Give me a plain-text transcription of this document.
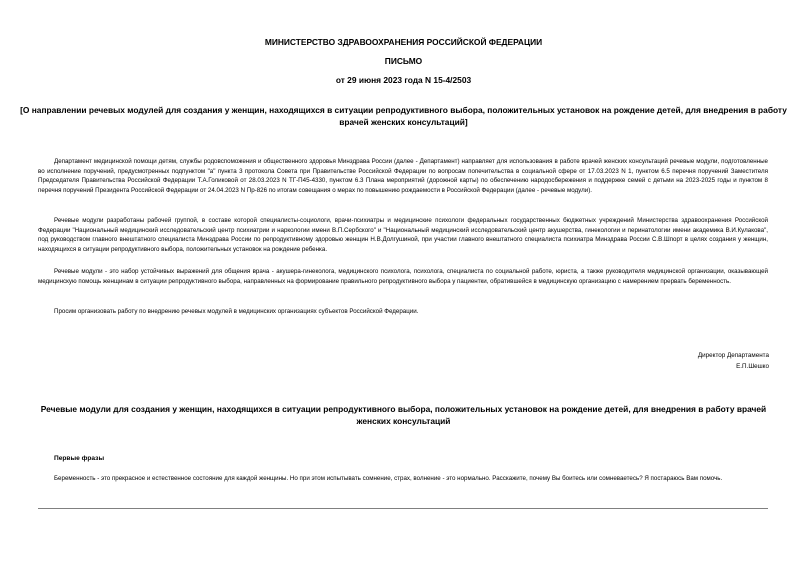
МИНИСТЕРСТВО ЗДРАВООХРАНЕНИЯ РОССИЙСКОЙ ФЕДЕРАЦИИ
ПИСЬМО
от 29 июня 2023 года N 15-4/2503
[О направлении речевых модулей для создания у женщин, находящихся в ситуации репродуктивного выбора, положительных установок на рождение детей, для внедрения в работу врачей женских консультаций]
Департамент медицинской помощи детям, службы родовспоможения и общественного здоровья Минздрава России (далее - Департамент) направляет для использования в работе врачей женских консультаций речевые модули, подготовленные во исполнение поручений, предусмотренных подпунктом "а" пункта 3 протокола Совета при Правительстве Российской Федерации по вопросам попечительства в социальной сфере от 17.03.2023 N 1, пунктом 6.5 перечня поручений Заместителя Председателя Правительства Российской Федерации Т.А.Голиковой от 28.03.2023 N ТГ-П45-4330, пунктом 6.3 Плана мероприятий (дорожной карты) по обеспечению народосбережения и поддержке семей с детьми на 2023-2025 годы и пунктом 8 перечня поручений Президента Российской Федерации от 24.04.2023 N Пр-826 по итогам совещания о мерах по повышению рождаемости в Российской Федерации (далее - речевые модули).
Речевые модули разработаны рабочей группой, в составе которой специалисты-социологи, врачи-психиатры и медицинские психологи федеральных государственных бюджетных учреждений Министерства здравоохранения Российской Федерации "Национальный медицинский исследовательский центр психиатрии и наркологии имени В.П.Сербского" и "Национальный медицинский исследовательский центр акушерства, гинекологии и перинатологии имени академика В.И.Кулакова", под руководством главного внештатного специалиста Минздрава России по репродуктивному здоровью женщин Н.В.Долгушиной, при участии главного внештатного специалиста психиатра Минздрава России С.В.Шпорт в целях создания у женщин, находящихся в ситуации репродуктивного выбора, положительных установок на рождение ребенка.
Речевые модули - это набор устойчивых выражений для общения врача - акушера-гинеколога, медицинского психолога, психолога, специалиста по социальной работе, юриста, а также руководителя медицинской организации, оказывающей медицинскую помощь женщинам в ситуации репродуктивного выбора, направленных на формирование правильного репродуктивного выбора у пациентки, обратившейся в медицинскую организацию с намерением прервать беременность.
Просим организовать работу по внедрению речевых модулей в медицинских организациях субъектов Российской Федерации.
Директор Департамента
Е.П.Шешко
Речевые модули для создания у женщин, находящихся в ситуации репродуктивного выбора, положительных установок на рождение детей, для внедрения в работу врачей женских консультаций
Первые фразы
Беременность - это прекрасное и естественное состояние для каждой женщины. Но при этом испытывать сомнение, страх, волнение - это нормально. Расскажите, почему Вы боитесь или сомневаетесь? Я постараюсь Вам помочь.
